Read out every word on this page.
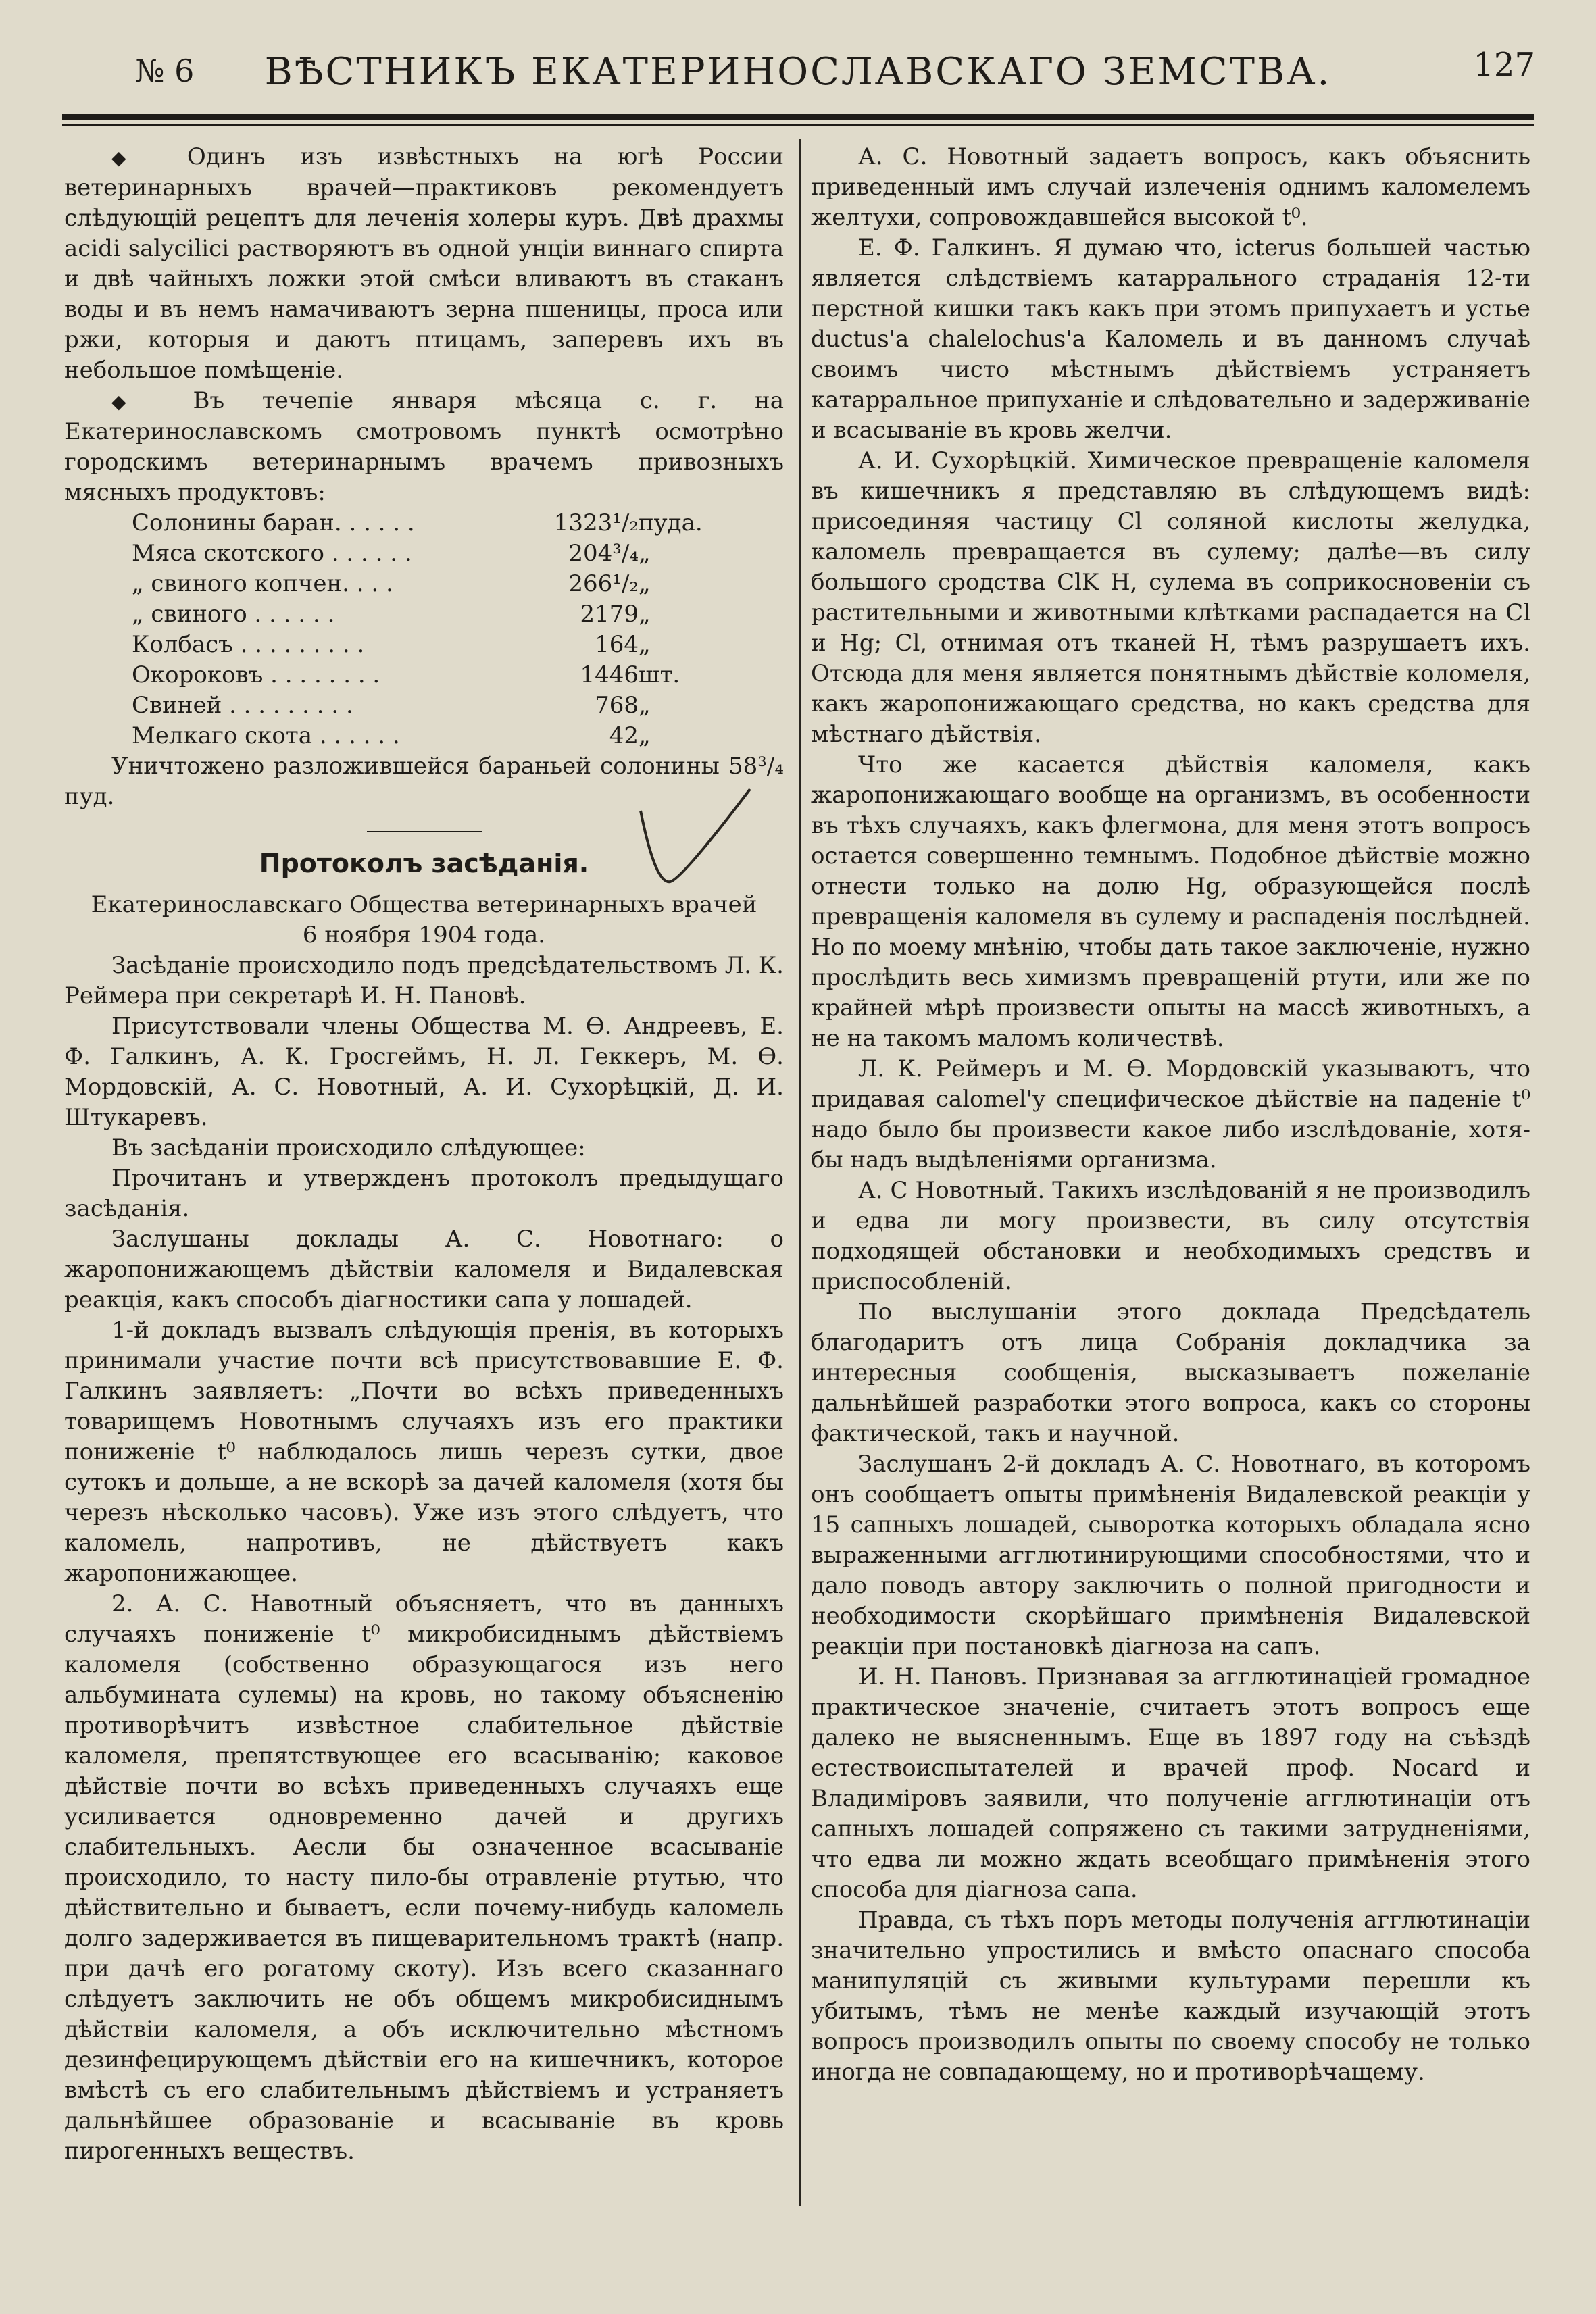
№ 6	ВѢСТНИКЪ ЕКАТЕРИНОСЛАВСКАГО ЗЕМСТВА.	127

◆ Одинъ изъ извѣстныхъ на югѣ России ветеринарныхъ врачей—практиковъ рекомендуетъ слѣдующій рецептъ для леченія холеры куръ. Двѣ драхмы acidi salycilici растворяютъ въ одной унціи виннаго спирта и двѣ чайныхъ ложки этой смѣси вливаютъ въ стаканъ воды и въ немъ намачиваютъ зерна пшеницы, проса или ржи, которыя и даютъ птицамъ, заперевъ ихъ въ небольшое помѣщеніе.

◆ Въ течепіе января мѣсяца с. г. на Екатеринославскомъ смотровомъ пунктѣ осмотрѣно городскимъ ветеринарнымъ врачемъ привозныхъ мясныхъ продуктовъ:

Солонины баран. . . . . .	1323¹/₂	пуда.
Мяса скотского . . . . . .	204³/₄	„
„ свиного копчен. . . .	266¹/₂	„
„ свиного . . . . . .	2179	„
Колбасъ . . . . . . . . .	164	„
Окороковъ . . . . . . . .	1446	шт.
Свиней . . . . . . . . .	768	„
Мелкаго скота . . . . . .	42	„

Уничтожено разложившейся бараньей солонины 58³/₄ пуд.

Протоколъ засѣданія.

Екатеринославскаго Общества ветеринарныхъ врачей

6 ноября 1904 года.

Засѣданіе происходило подъ предсѣдательствомъ Л. К. Реймера при секретарѣ И. Н. Пановѣ.

Присутствовали члены Общества М. Ѳ. Андреевъ, Е. Ф. Галкинъ, А. К. Гросгеймъ, Н. Л. Геккеръ, М. Ѳ. Мордовскій, А. С. Новотный, А. И. Сухорѣцкій, Д. И. Штукаревъ.

Въ засѣданіи происходило слѣдующее:

Прочитанъ и утвержденъ протоколъ предыдущаго засѣданія.

Заслушаны доклады А. С. Новотнаго: о жаропонижающемъ дѣйствіи каломеля и Видалевская реакція, какъ способъ діагностики сапа у лошадей.

1-й докладъ вызвалъ слѣдующія пренія, въ которыхъ принимали участие почти всѣ присутствовавшие Е. Ф. Галкинъ заявляетъ: „Почти во всѣхъ приведенныхъ товарищемъ Новотнымъ случаяхъ изъ его практики пониженіе t⁰ наблюдалось лишь черезъ сутки, двое сутокъ и дольше, а не вскорѣ за дачей каломеля (хотя бы черезъ нѣсколько часовъ). Уже изъ этого слѣдуетъ, что каломель, напротивъ, не дѣйствуетъ какъ жаропонижающее.

2. А. С. Навотный объясняетъ, что въ данныхъ случаяхъ пониженіе t⁰ микробисиднымъ дѣйствіемъ каломеля (собственно образующагося изъ него альбумината сулемы) на кровь, но такому объясненію противорѣчитъ извѣстное слабительное дѣйствіе каломеля, препятствующее его всасыванію; каковое дѣйствіе почти во всѣхъ приведенныхъ случаяхъ еще усиливается одновременно дачей и другихъ слабительныхъ. Аесли бы означенное всасываніе происходило, то насту пило-бы отравленіе ртутью, что дѣйствительно и бываетъ, если почему-нибудь каломель долго задерживается въ пищеварительномъ трактѣ (напр. при дачѣ его рогатому скоту). Изъ всего сказаннаго слѣдуетъ заключить не объ общемъ микробисиднымъ дѣйствіи каломеля, а объ исключительно мѣстномъ дезинфецирующемъ дѣйствіи его на кишечникъ, которое вмѣстѣ съ его слабительнымъ дѣйствіемъ и устраняетъ дальнѣйшее образованіе и всасываніе въ кровь пирогенныхъ веществъ.

А. С. Новотный задаетъ вопросъ, какъ объяснить приведенный имъ случай излеченія однимъ каломелемъ желтухи, сопровождавшейся высокой t⁰.

Е. Ф. Галкинъ. Я думаю что, icterus большей частью является слѣдствіемъ катаррального страданія 12-ти перстной кишки такъ какъ при этомъ припухаетъ и устье ductus'a chalelochus'a Каломель и въ данномъ случаѣ своимъ чисто мѣстнымъ дѣйствіемъ устраняетъ катарральное припуханіе и слѣдовательно и задерживаніе и всасываніе въ кровь желчи.

А. И. Сухорѣцкій. Химическое превращеніе каломеля въ кишечникъ я представляю въ слѣдующемъ видѣ: присоединяя частицу Cl соляной кислоты желудка, каломель превращается въ сулему; далѣе—въ силу большого сродства ClK H, сулема въ соприкосновеніи съ растительными и животными клѣтками распадается на Cl и Hg; Cl, отнимая отъ тканей H, тѣмъ разрушаетъ ихъ. Отсюда для меня является понятнымъ дѣйствіе коломеля, какъ жаропонижающаго средства, но какъ средства для мѣстнаго дѣйствія.

Что же касается дѣйствія каломеля, какъ жаропонижающаго вообще на организмъ, въ особенности въ тѣхъ случаяхъ, какъ флегмона, для меня этотъ вопросъ остается совершенно темнымъ. Подобное дѣйствіе можно отнести только на долю Hg, образующейся послѣ превращенія каломеля въ сулему и распаденія послѣдней. Но по моему мнѣнію, чтобы дать такое заключеніе, нужно прослѣдить весь химизмъ превращеній ртути, или же по крайней мѣрѣ произвести опыты на массѣ животныхъ, а не на такомъ маломъ количествѣ.

Л. К. Реймеръ и М. Ѳ. Мордовскій указываютъ, что придавая calomel'y специфическое дѣйствіе на паденіе t⁰ надо было бы произвести какое либо изслѣдованіе, хотя-бы надъ выдѣленіями организма.

А. С Новотный. Такихъ изслѣдованій я не производилъ и едва ли могу произвести, въ силу отсутствія подходящей обстановки и необходимыхъ средствъ и приспособленій.

По выслушаніи этого доклада Предсѣдатель благодаритъ отъ лица Собранія докладчика за интересныя сообщенія, высказываетъ пожеланіе дальнѣйшей разработки этого вопроса, какъ со стороны фактической, такъ и научной.

Заслушанъ 2-й докладъ А. С. Новотнаго, въ которомъ онъ сообщаетъ опыты примѣненія Видалевской реакціи у 15 сапныхъ лошадей, сыворотка которыхъ обладала ясно выраженными агглютинирующими способностями, что и дало поводъ автору заключить о полной пригодности и необходимости скорѣйшаго примѣненія Видалевской реакціи при постановкѣ діагноза на сапъ.

И. Н. Пановъ. Признавая за агглютинаціей громадное практическое значеніе, считаетъ этотъ вопросъ еще далеко не выясненнымъ. Еще въ 1897 году на съѣздѣ естествоиспытателей и врачей проф. Nocard и Владиміровъ заявили, что полученіе агглютинаціи отъ сапныхъ лошадей сопряжено съ такими затрудненіями, что едва ли можно ждать всеобщаго примѣненія этого способа для діагноза сапа.

Правда, съ тѣхъ поръ методы полученія агглютинаціи значительно упростились и вмѣсто опаснаго способа манипуляцій съ живыми культурами перешли къ убитымъ, тѣмъ не менѣе каждый изучающій этотъ вопросъ производилъ опыты по своему способу не только иногда не совпадающему, но и противорѣчащему.
